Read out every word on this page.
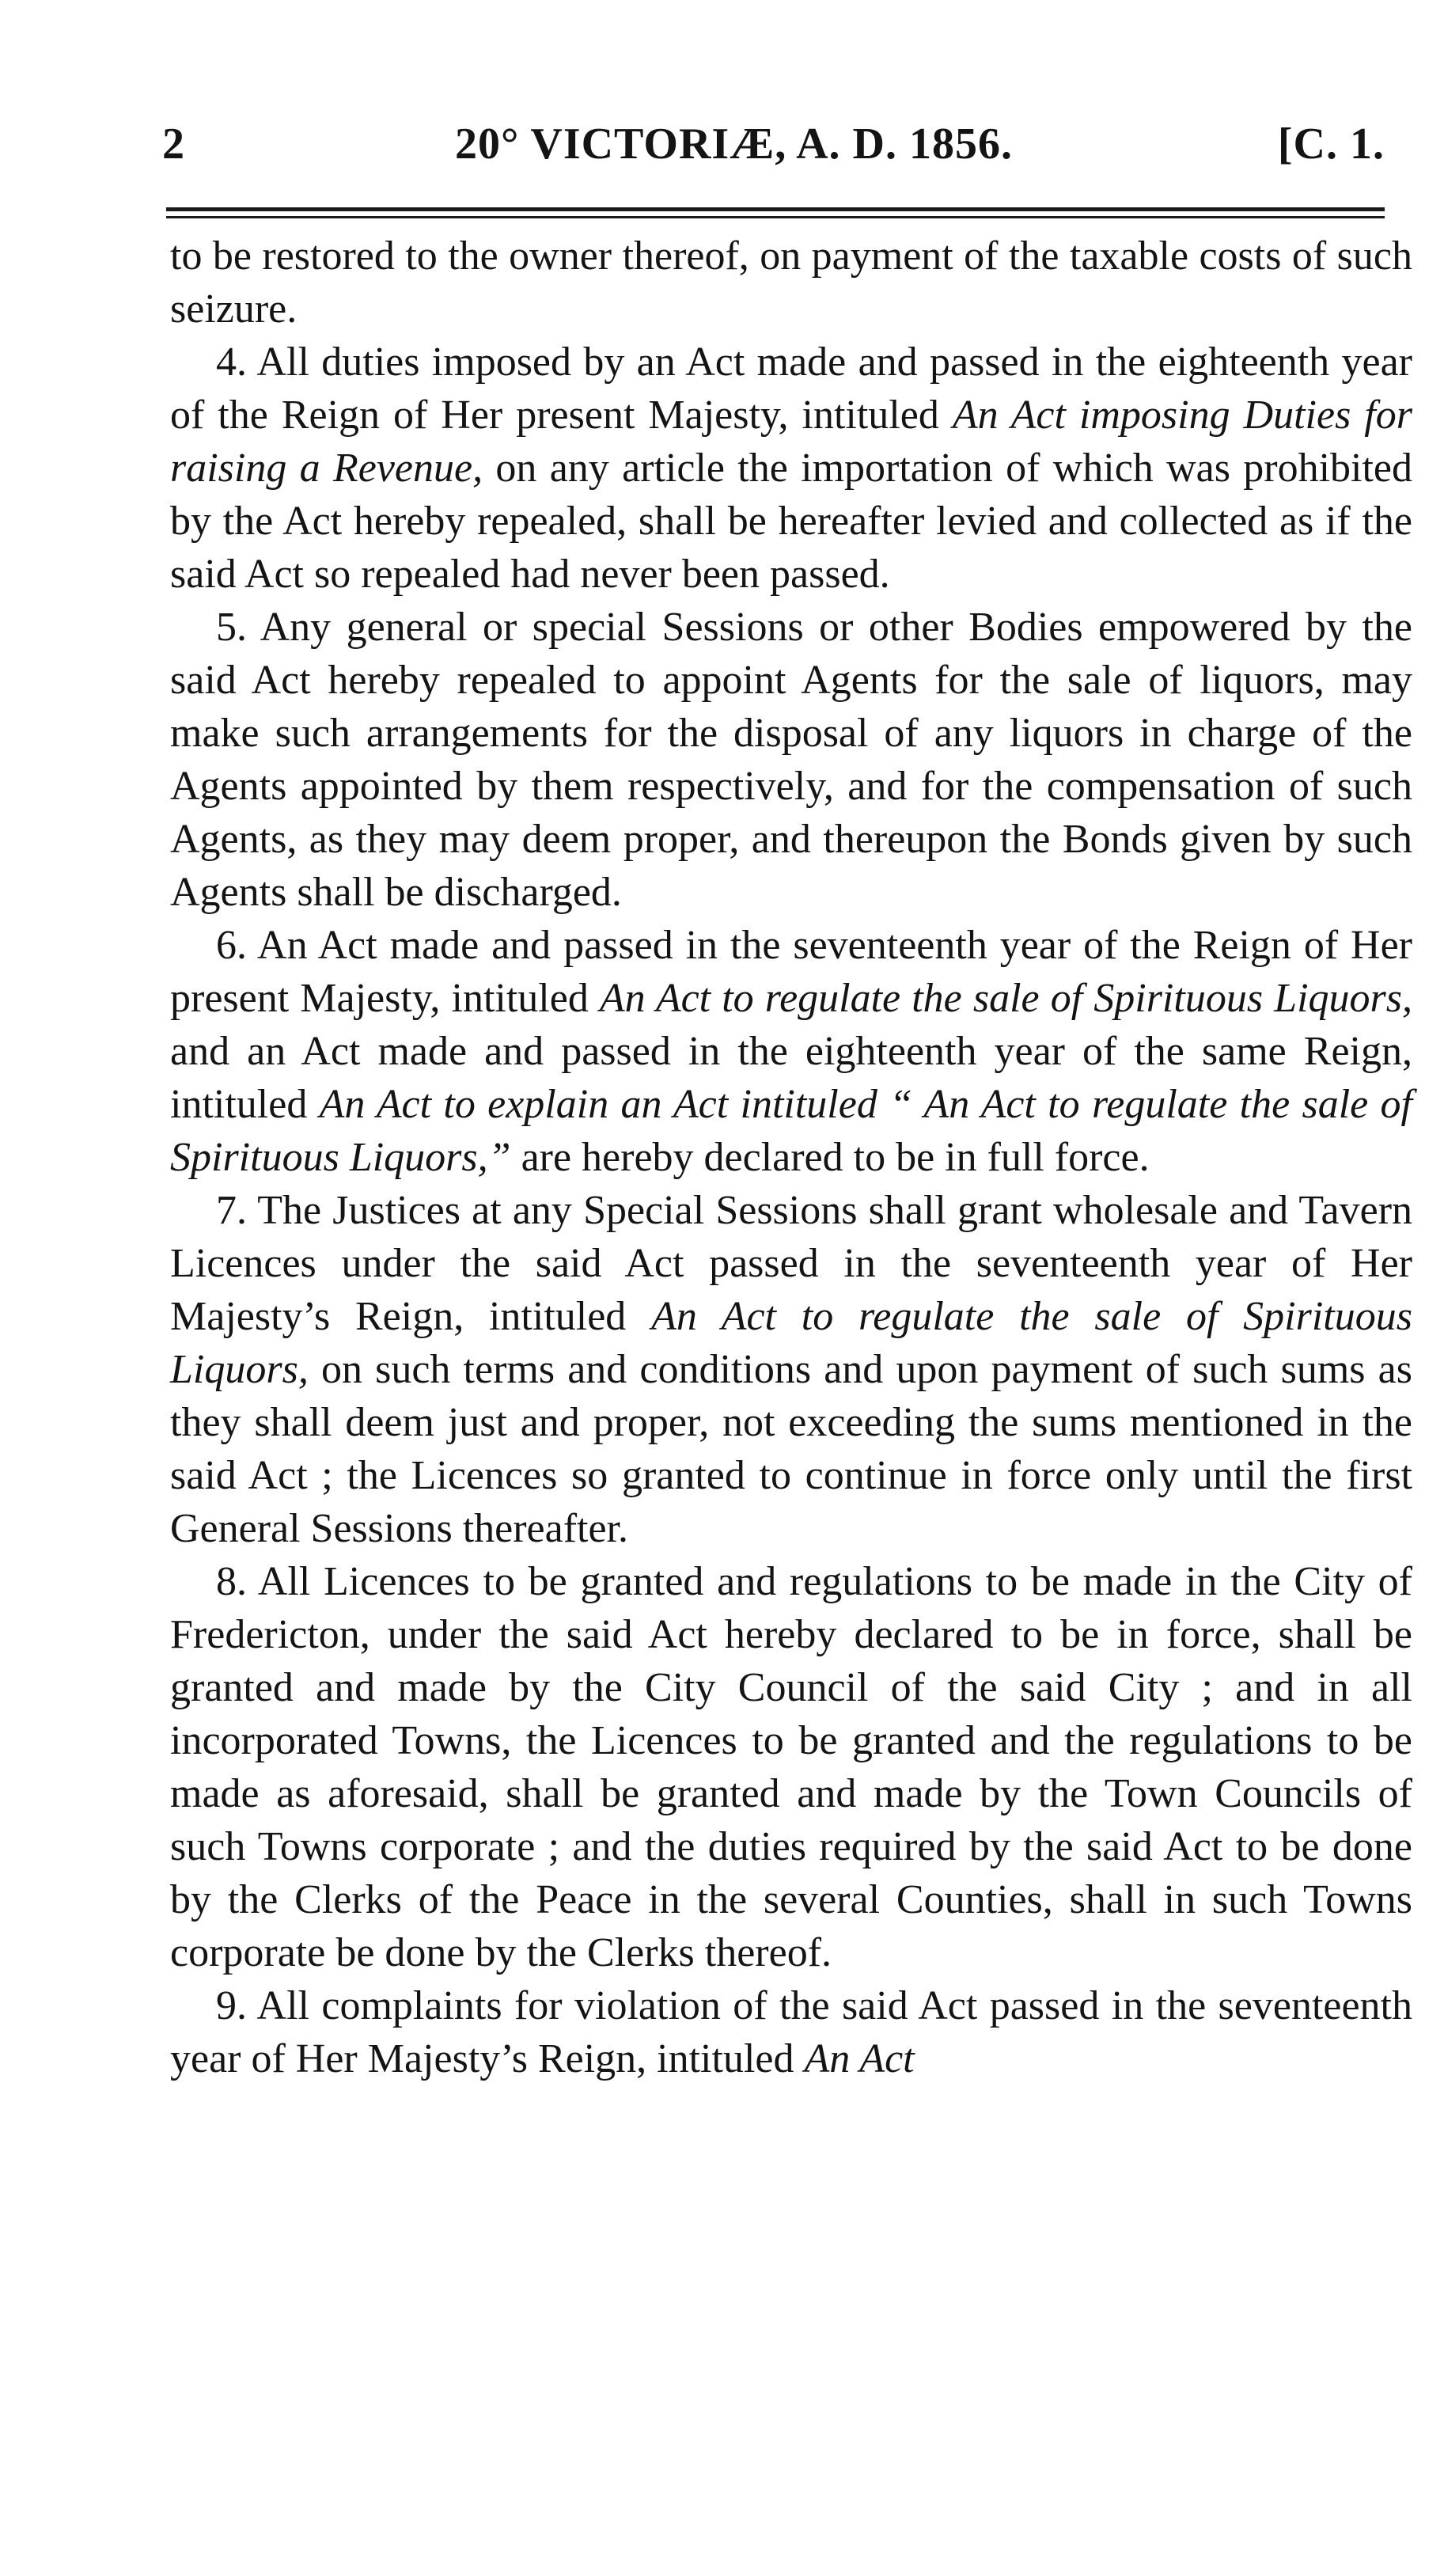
2	20° VICTORIÆ, A. D. 1856.	[C. 1.

to be restored to the owner thereof, on payment of the taxable costs of such seizure.

4. All duties imposed by an Act made and passed in the eighteenth year of the Reign of Her present Majesty, intituled An Act imposing Duties for raising a Revenue, on any article the importation of which was prohibited by the Act hereby repealed, shall be hereafter levied and collected as if the said Act so repealed had never been passed.

5. Any general or special Sessions or other Bodies empowered by the said Act hereby repealed to appoint Agents for the sale of liquors, may make such arrangements for the disposal of any liquors in charge of the Agents appointed by them respectively, and for the compensation of such Agents, as they may deem proper, and thereupon the Bonds given by such Agents shall be discharged.

6. An Act made and passed in the seventeenth year of the Reign of Her present Majesty, intituled An Act to regulate the sale of Spirituous Liquors, and an Act made and passed in the eighteenth year of the same Reign, intituled An Act to explain an Act intituled “ An Act to regulate the sale of Spirituous Liquors,” are hereby declared to be in full force.

7. The Justices at any Special Sessions shall grant wholesale and Tavern Licences under the said Act passed in the seventeenth year of Her Majesty’s Reign, intituled An Act to regulate the sale of Spirituous Liquors, on such terms and conditions and upon payment of such sums as they shall deem just and proper, not exceeding the sums mentioned in the said Act ; the Licences so granted to continue in force only until the first General Sessions thereafter.

8. All Licences to be granted and regulations to be made in the City of Fredericton, under the said Act hereby declared to be in force, shall be granted and made by the City Council of the said City ; and in all incorporated Towns, the Licences to be granted and the regulations to be made as aforesaid, shall be granted and made by the Town Councils of such Towns corporate ; and the duties required by the said Act to be done by the Clerks of the Peace in the several Counties, shall in such Towns corporate be done by the Clerks thereof.

9. All complaints for violation of the said Act passed in the seventeenth year of Her Majesty’s Reign, intituled An Act
